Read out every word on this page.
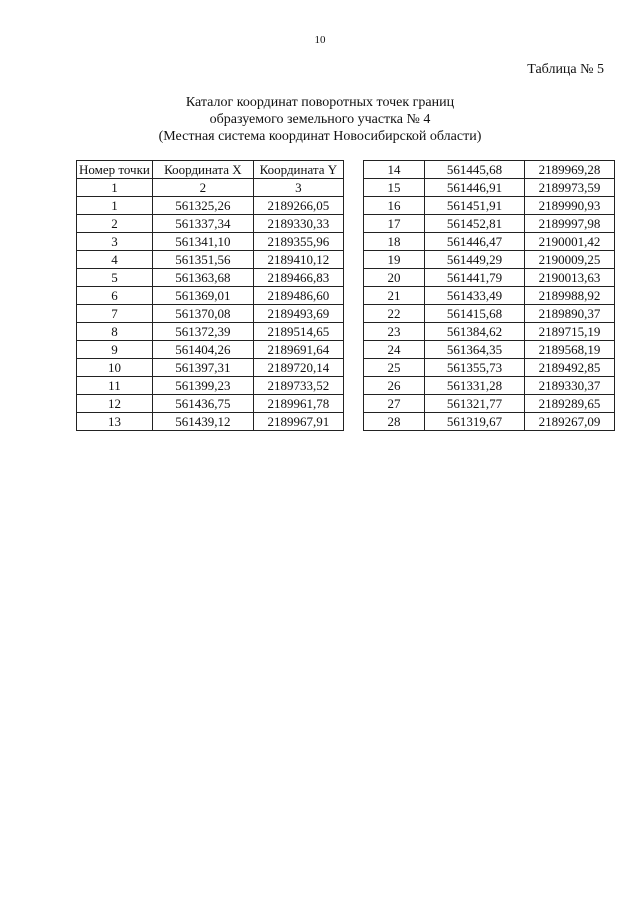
10
Таблица № 5
Каталог координат поворотных точек границ
образуемого земельного участка № 4
(Местная система координат Новосибирской области)
Номер точки	Координата X	Координата Y
1	2	3
1	561325,26	2189266,05
2	561337,34	2189330,33
3	561341,10	2189355,96
4	561351,56	2189410,12
5	561363,68	2189466,83
6	561369,01	2189486,60
7	561370,08	2189493,69
8	561372,39	2189514,65
9	561404,26	2189691,64
10	561397,31	2189720,14
11	561399,23	2189733,52
12	561436,75	2189961,78
13	561439,12	2189967,91
14	561445,68	2189969,28
15	561446,91	2189973,59
16	561451,91	2189990,93
17	561452,81	2189997,98
18	561446,47	2190001,42
19	561449,29	2190009,25
20	561441,79	2190013,63
21	561433,49	2189988,92
22	561415,68	2189890,37
23	561384,62	2189715,19
24	561364,35	2189568,19
25	561355,73	2189492,85
26	561331,28	2189330,37
27	561321,77	2189289,65
28	561319,67	2189267,09
